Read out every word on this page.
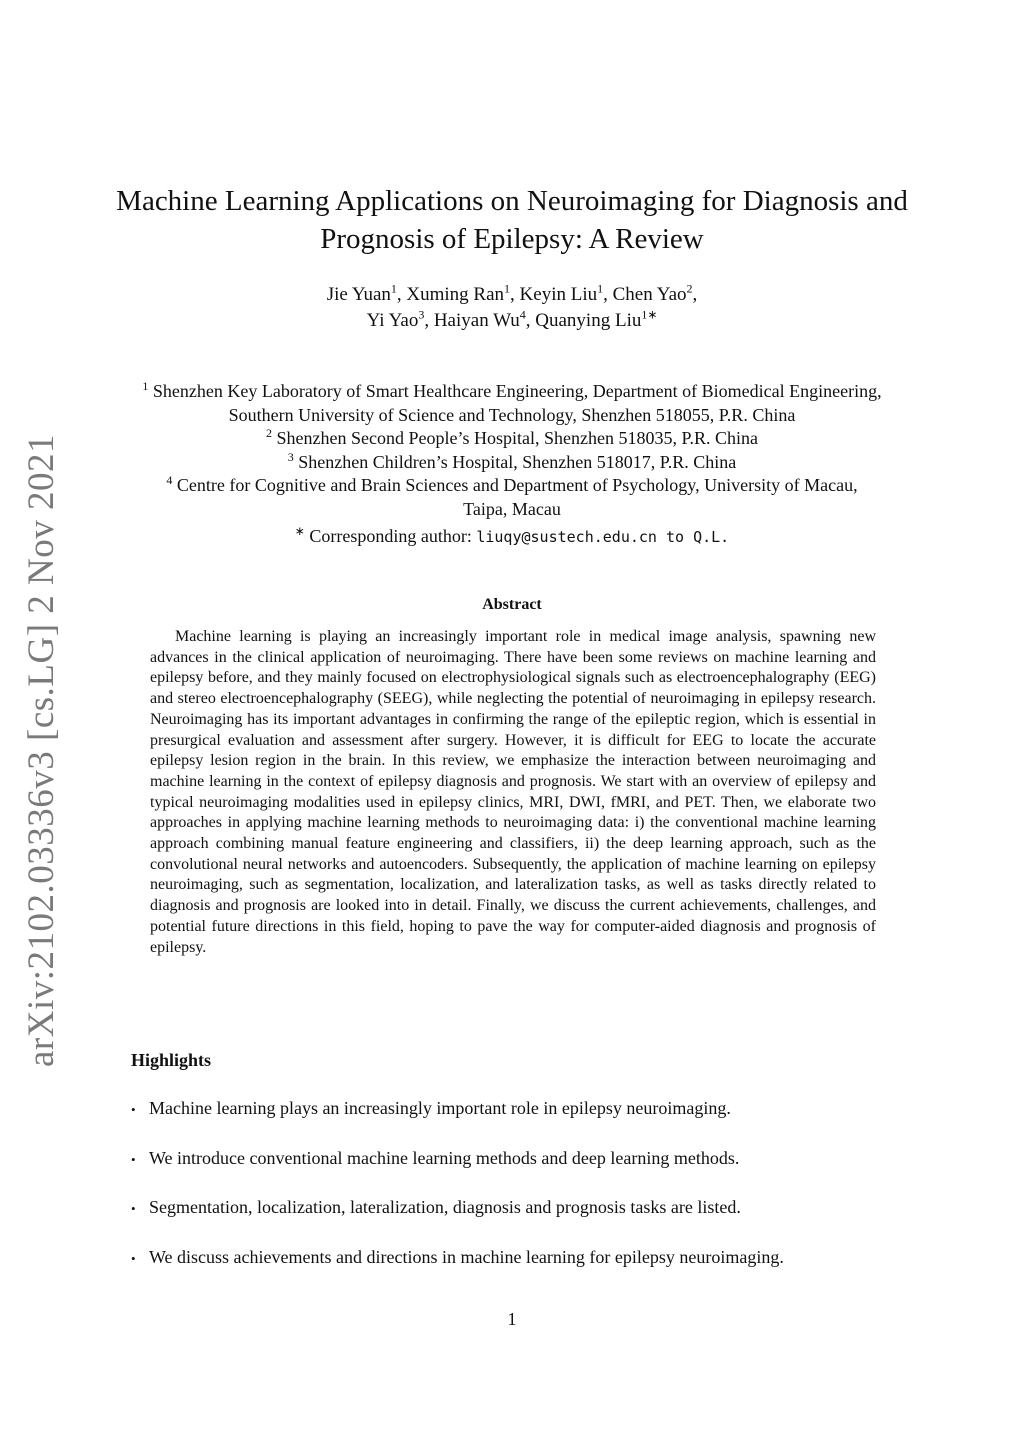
arXiv:2102.03336v3 [cs.LG] 2 Nov 2021
Machine Learning Applications on Neuroimaging for Diagnosis and
Prognosis of Epilepsy: A Review
Jie Yuan$^1$, Xuming Ran$^1$, Keyin Liu$^1$, Chen Yao$^2$,
Yi Yao$^3$, Haiyan Wu$^4$, Quanying Liu$^{1∗}$

$^1$ Shenzhen Key Laboratory of Smart Healthcare Engineering, Department of Biomedical Engineering,
Southern University of Science and Technology, Shenzhen 518055, P.R. China

$^2$ Shenzhen Second People’s Hospital, Shenzhen 518035, P.R. China

$^3$ Shenzhen Children’s Hospital, Shenzhen 518017, P.R. China

$^4$ Centre for Cognitive and Brain Sciences and Department of Psychology, University of Macau,
Taipa, Macau

∗ Corresponding author: liuqy@sustech.edu.cn to Q.L.
Abstract

Machine learning is playing an increasingly important role in medical image analysis, spawning new advances in the clinical application of neuroimaging. There have been some reviews on machine learning and epilepsy before, and they mainly focused on electrophysiological signals such as electroencephalography (EEG) and stereo electroencephalography (SEEG), while neglecting the potential of neuroimaging in epilepsy research. Neuroimaging has its important advantages in confirming the range of the epileptic region, which is essential in presurgical evaluation and assessment after surgery. However, it is difficult for EEG to locate the accurate epilepsy lesion region in the brain. In this review, we emphasize the interaction between neuroimaging and machine learning in the context of epilepsy diagnosis and prognosis. We start with an overview of epilepsy and typical neuroimaging modalities used in epilepsy clinics, MRI, DWI, fMRI, and PET. Then, we elaborate two approaches in applying machine learning methods to neuroimaging data: i) the conventional machine learning approach combining manual feature engineering and classifiers, ii) the deep learning approach, such as the convolutional neural networks and autoencoders. Subsequently, the application of machine learning on epilepsy neuroimaging, such as segmentation, localization, and lateralization tasks, as well as tasks directly related to diagnosis and prognosis are looked into in detail. Finally, we discuss the current achievements, challenges, and potential future directions in this field, hoping to pave the way for computer-aided diagnosis and prognosis of epilepsy.

Highlights
• Machine learning plays an increasingly important role in epilepsy neuroimaging.
• We introduce conventional machine learning methods and deep learning methods.
• Segmentation, localization, lateralization, diagnosis and prognosis tasks are listed.
• We discuss achievements and directions in machine learning for epilepsy neuroimaging.
1
